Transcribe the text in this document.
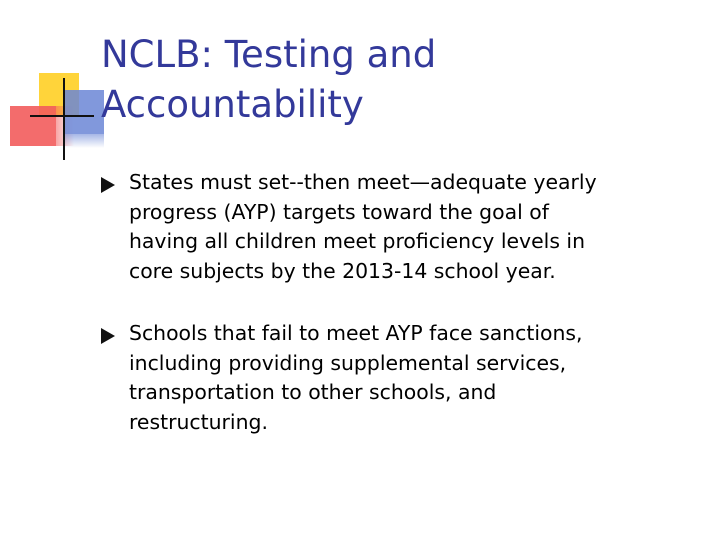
NCLB: Testing and
Accountability
States must set--then meet—adequate yearly
progress (AYP) targets toward the goal of
having all children meet proficiency levels in
core subjects by the 2013-14 school year.
Schools that fail to meet AYP face sanctions,
including providing supplemental services,
transportation to other schools, and
restructuring.
